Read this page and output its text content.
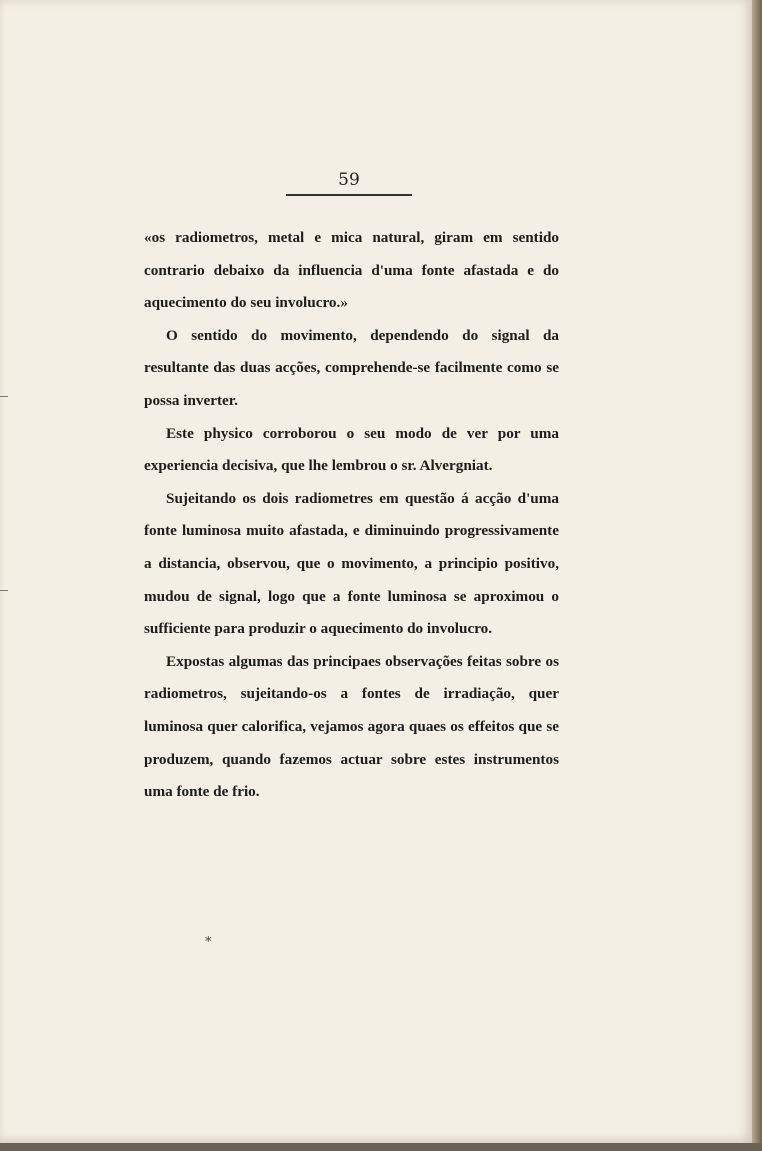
59

«os radiometros, metal e mica natural, giram em sentido contrario debaixo da influencia d'uma fonte afastada e do aquecimento do seu involucro.»

O sentido do movimento, dependendo do signal da resultante das duas acções, comprehende-se facilmente como se possa inverter.

Este physico corroborou o seu modo de ver por uma experiencia decisiva, que lhe lembrou o sr. Alvergniat.

Sujeitando os dois radiometres em questão á acção d'uma fonte luminosa muito afastada, e diminuindo progressivamente a distancia, observou, que o movimento, a principio positivo, mudou de signal, logo que a fonte luminosa se aproximou o sufficiente para produzir o aquecimento do involucro.

Expostas algumas das principaes observações feitas sobre os radiometros, sujeitando-os a fontes de irradiação, quer luminosa quer calorifica, vejamos agora quaes os effeitos que se produzem, quando fazemos actuar sobre estes instrumentos uma fonte de frio.

*
